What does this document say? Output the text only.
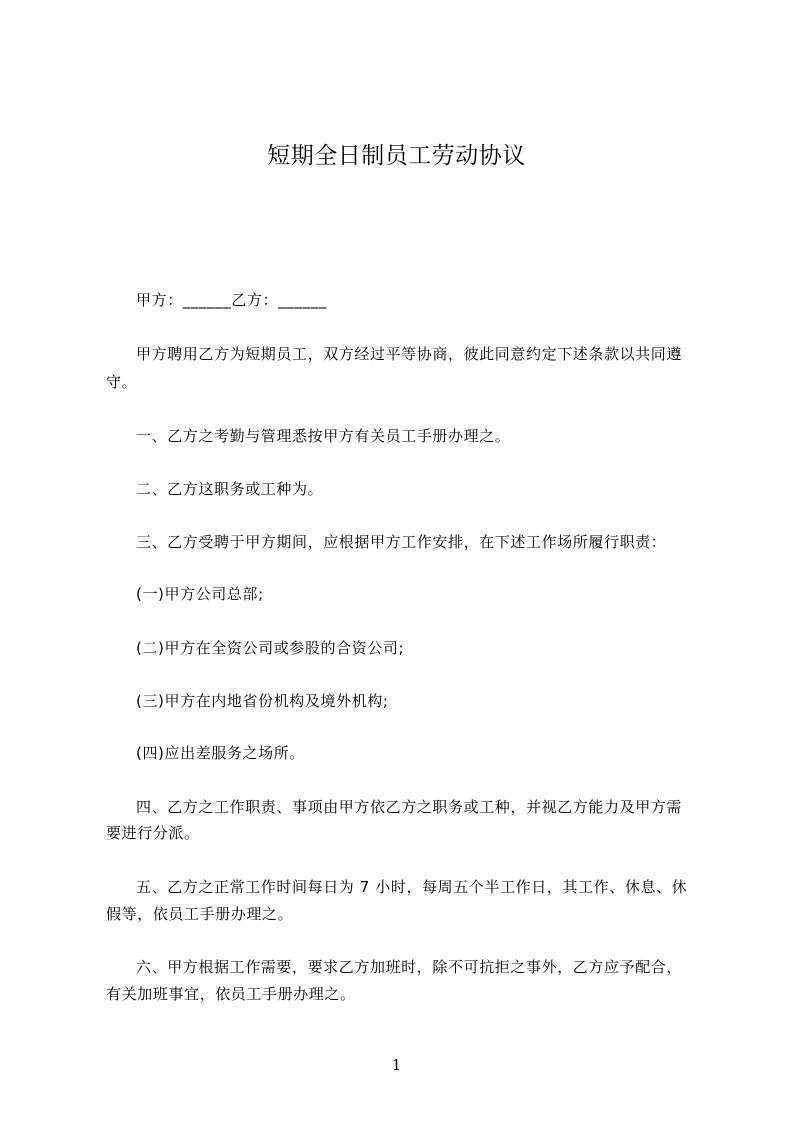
短期全日制员工劳动协议

甲方：______乙方：______

甲方聘用乙方为短期员工，双方经过平等协商，彼此同意约定下述条款以共同遵

守。

一、乙方之考勤与管理悉按甲方有关员工手册办理之。

二、乙方这职务或工种为。

三、乙方受聘于甲方期间，应根据甲方工作安排，在下述工作场所履行职责：

(一)甲方公司总部;

(二)甲方在全资公司或参股的合资公司;

(三)甲方在内地省份机构及境外机构;

(四)应出差服务之场所。

四、乙方之工作职责、事项由甲方依乙方之职务或工种，并视乙方能力及甲方需

要进行分派。

五、乙方之正常工作时间每日为 7 小时，每周五个半工作日，其工作、休息、休

假等，依员工手册办理之。

六、甲方根据工作需要，要求乙方加班时，除不可抗拒之事外，乙方应予配合，

有关加班事宜，依员工手册办理之。

1
